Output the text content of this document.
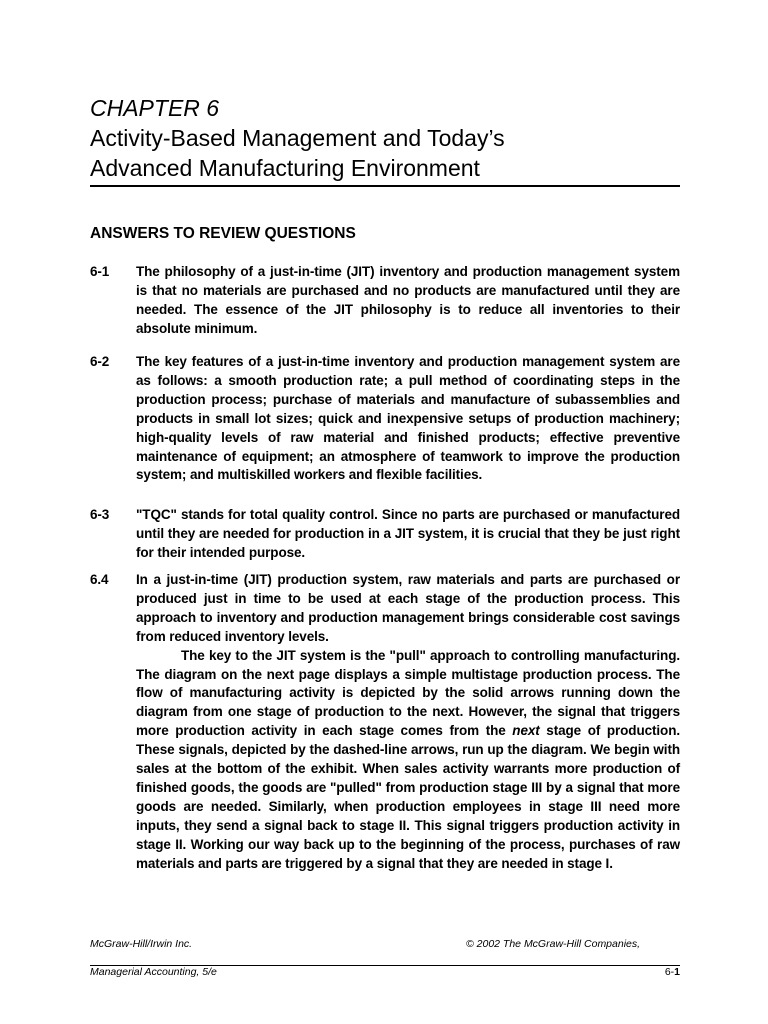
CHAPTER 6
Activity-Based Management and Today’s
Advanced Manufacturing Environment
ANSWERS TO REVIEW QUESTIONS
6-1	The philosophy of a just-in-time (JIT) inventory and production management system is that no materials are purchased and no products are manufactured until they are needed. The essence of the JIT philosophy is to reduce all inventories to their absolute minimum.
6-2	The key features of a just-in-time inventory and production management system are as follows: a smooth production rate; a pull method of coordinating steps in the production process; purchase of materials and manufacture of subassemblies and products in small lot sizes; quick and inexpensive setups of production machinery; high-quality levels of raw material and finished products; effective preventive maintenance of equipment; an atmosphere of teamwork to improve the production system; and multiskilled workers and flexible facilities.
6-3	"TQC" stands for total quality control. Since no parts are purchased or manufactured until they are needed for production in a JIT system, it is crucial that they be just right for their intended purpose.
6.4	In a just-in-time (JIT) production system, raw materials and parts are purchased or produced just in time to be used at each stage of the production process. This approach to inventory and production management brings considerable cost savings from reduced inventory levels.
The key to the JIT system is the "pull" approach to controlling manufacturing. The diagram on the next page displays a simple multistage production process. The flow of manufacturing activity is depicted by the solid arrows running down the diagram from one stage of production to the next. However, the signal that triggers more production activity in each stage comes from the next stage of production. These signals, depicted by the dashed-line arrows, run up the diagram. We begin with sales at the bottom of the exhibit. When sales activity warrants more production of finished goods, the goods are "pulled" from production stage III by a signal that more goods are needed. Similarly, when production employees in stage III need more inputs, they send a signal back to stage II. This signal triggers production activity in stage II. Working our way back up to the beginning of the process, purchases of raw materials and parts are triggered by a signal that they are needed in stage I.
McGraw-Hill/Irwin Inc.	© 2002 The McGraw-Hill Companies,
Managerial Accounting, 5/e	6-1
